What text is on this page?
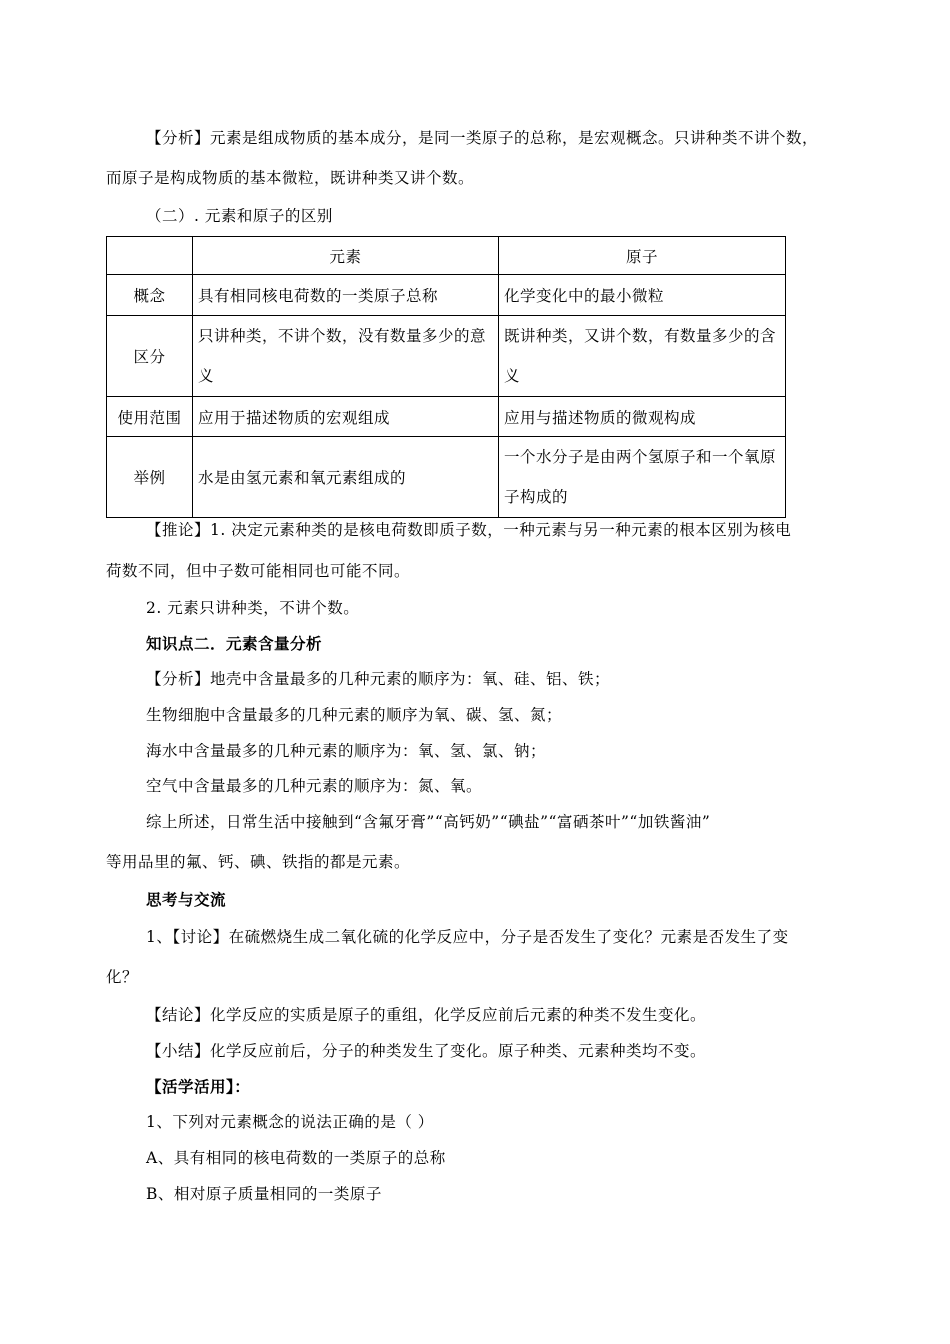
【分析】元素是组成物质的基本成分，是同一类原子的总称，是宏观概念。只讲种类不讲个数，
而原子是构成物质的基本微粒，既讲种类又讲个数。
（二）. 元素和原子的区别
	元素	原子
概念	具有相同核电荷数的一类原子总称	化学变化中的最小微粒
区分	只讲种类，不讲个数，没有数量多少的意义	既讲种类，又讲个数，有数量多少的含义

使用范围	应用于描述物质的宏观组成	应用与描述物质的微观构成
举例	水是由氢元素和氧元素组成的	一个水分子是由两个氢原子和一个氧原子构成的
【推论】1. 决定元素种类的是核电荷数即质子数，一种元素与另一种元素的根本区别为核电
荷数不同，但中子数可能相同也可能不同。
2. 元素只讲种类，不讲个数。
知识点二．元素含量分析
【分析】地壳中含量最多的几种元素的顺序为：氧、硅、铝、铁；
生物细胞中含量最多的几种元素的顺序为氧、碳、氢、氮；
海水中含量最多的几种元素的顺序为：氧、氢、氯、钠；
空气中含量最多的几种元素的顺序为：氮、氧。
综上所述，日常生活中接触到“含氟牙膏”“高钙奶”“碘盐”“富硒茶叶”“加铁酱油”
等用品里的氟、钙、碘、铁指的都是元素。
思考与交流
1、【讨论】在硫燃烧生成二氧化硫的化学反应中，分子是否发生了变化？元素是否发生了变
化？
【结论】化学反应的实质是原子的重组，化学反应前后元素的种类不发生变化。
【小结】化学反应前后，分子的种类发生了变化。原子种类、元素种类均不变。
【活学活用】：
1、下列对元素概念的说法正确的是（ ）
A、具有相同的核电荷数的一类原子的总称
B、相对原子质量相同的一类原子
